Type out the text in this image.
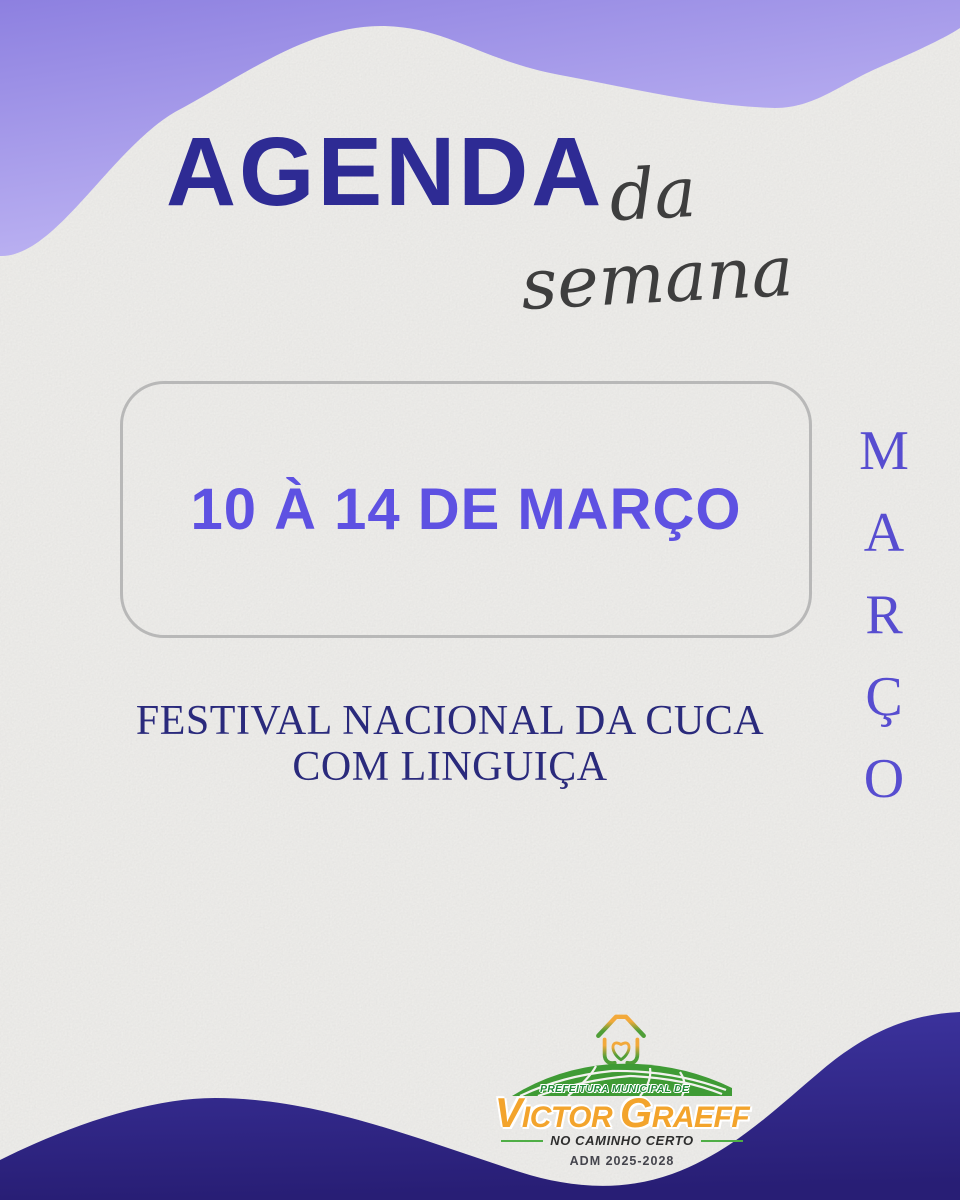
AGENDA da semana
10 À 14 DE MARÇO MARÇO
FESTIVAL NACIONAL DA CUCA
COM LINGUIÇA
PREFEITURA MUNICIPAL DE
VICTOR GRAEFF
NO CAMINHO CERTO
ADM 2025-2028
